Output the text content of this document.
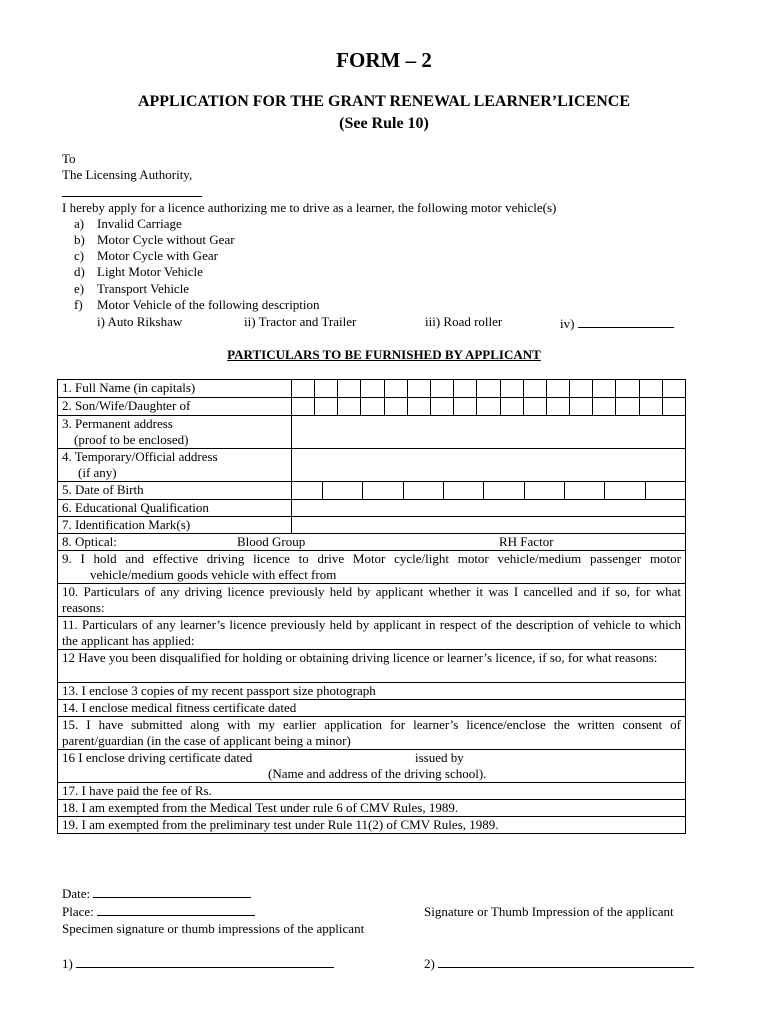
FORM – 2
APPLICATION FOR THE GRANT RENEWAL LEARNER’LICENCE
(See Rule 10)
To
The Licensing Authority,
I hereby apply for a licence authorizing me to drive as a learner, the following motor vehicle(s)
a) Invalid Carriage
b) Motor Cycle without Gear
c) Motor Cycle with Gear
d) Light Motor Vehicle
e) Transport Vehicle
f) Motor Vehicle of the following description
i) Auto Rikshaw	ii) Tractor and Trailer	iii) Road roller	iv)
PARTICULARS TO BE FURNISHED BY APPLICANT
1. Full Name (in capitals)	

2. Son/Wife/Daughter of	

3. Permanent address
(proof to be enclosed)	

4. Temporary/Official address
(if any)	

5. Date of Birth	

6. Educational Qualification	
7. Identification Mark(s)	
8. Optical: Blood Group RH Factor	

9. I hold and effective driving licence to drive Motor cycle/light motor vehicle/medium passenger motor
vehicle/medium goods vehicle with effect from	

10. Particulars of any driving licence previously held by applicant whether it was I cancelled and if so, for what reasons:	
11. Particulars of any learner’s licence previously held by applicant in respect of the description of vehicle to which the applicant has applied:	
12 Have you been disqualified for holding or obtaining driving licence or learner’s licence, if so, for what reasons:	
13. I enclose 3 copies of my recent passport size photograph	
14. I enclose medical fitness certificate dated	
15. I have submitted along with my earlier application for learner’s licence/enclose the written consent of parent/guardian (in the case of applicant being a minor)	

16 I enclose driving certificate dated issued by
(Name and address of the driving school).	

17. I have paid the fee of Rs.	
18. I am exempted from the Medical Test under rule 6 of CMV Rules, 1989.	
19. I am exempted from the preliminary test under Rule 11(2) of CMV Rules, 1989.	
Date:
Place:	Signature or Thumb Impression of the applicant
Specimen signature or thumb impressions of the applicant
1)	2)
